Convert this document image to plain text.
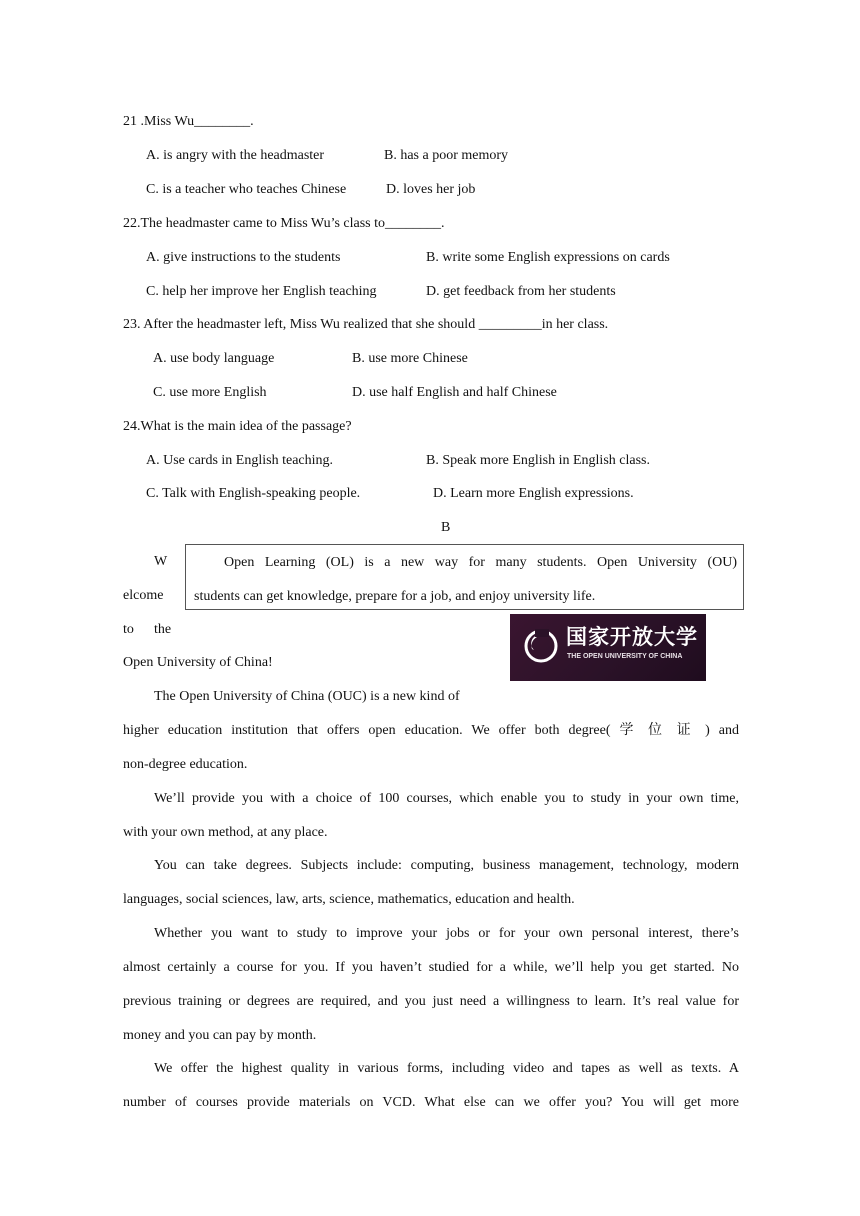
21 .Miss Wu________.
A. is angry with the headmaster	B. has a poor memory
C. is a teacher who teaches Chinese	D. loves her job
22.The headmaster came to Miss Wu’s class to________.
A. give instructions to the students	B. write some English expressions on cards
C. help her improve her English teaching	D. get feedback from her students
23. After the headmaster left, Miss Wu realized that she should _________in her class.
A. use body language	B. use more Chinese
C. use more English	D. use half English and half Chinese
24.What is the main idea of the passage?
A. Use cards in English teaching.	B. Speak more English in English class.
C. Talk with English-speaking people.	D. Learn more English expressions.
B
W
elcome
to the
Open University of China!
Open Learning (OL) is a new way for many students. Open University (OU)
students can get knowledge, prepare for a job, and enjoy university life.
国家开放大学
THE OPEN UNIVERSITY OF CHINA
The Open University of China (OUC) is a new kind of
higher education institution that offers open education. We offer both degree( 学 位 证 ) and
non-degree education.
We’ll provide you with a choice of 100 courses, which enable you to study in your own time,
with your own method, at any place.
You can take degrees. Subjects include: computing, business management, technology, modern
languages, social sciences, law, arts, science, mathematics, education and health.
Whether you want to study to improve your jobs or for your own personal interest, there’s
almost certainly a course for you. If you haven’t studied for a while, we’ll help you get started. No
previous training or degrees are required, and you just need a willingness to learn. It’s real value for
money and you can pay by month.
We offer the highest quality in various forms, including video and tapes as well as texts. A
number of courses provide materials on VCD. What else can we offer you? You will get more
